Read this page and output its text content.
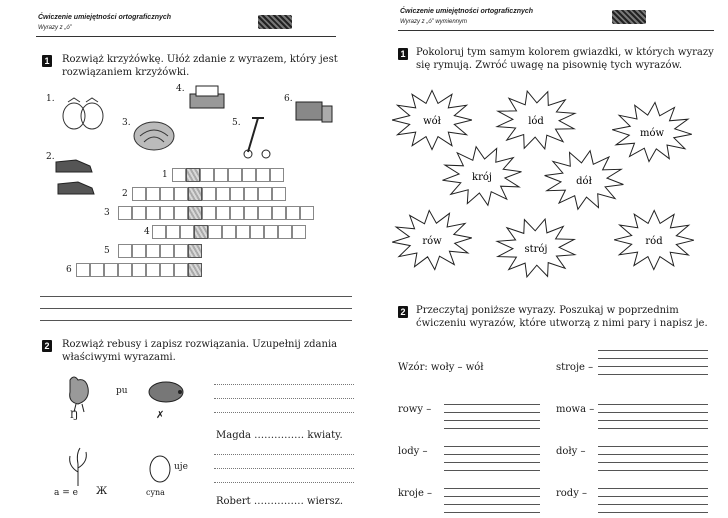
Ćwiczenie umiejętności ortograficznych
Wyrazy z „ó”
1 Rozwiąż krzyżówkę. Ułóż zdanie z wyrazem, który jest rozwiązaniem krzyżówki.
1.
2.
3.
4.
5.
6.
1
2
3
4
5
6
2 Rozwiąż rebusy i zapisz rozwiązania. Uzupełnij zdania właściwymi wyrazami.
Ŋ
pu
✗
Magda …………… kwiaty.
uje
cyna
a = e Ж
Robert …………… wiersz.
Ćwiczenie umiejętności ortograficznych
Wyrazy z „ó” wymiennym
1 Pokoloruj tym samym kolorem gwiazdki, w których wyrazy się rymują. Zwróć uwagę na pisownię tych wyrazów.
wół	lód
mów
krój	dół
rów
strój
ród
2 Przeczytaj poniższe wyrazy. Poszukaj w poprzednim ćwiczeniu wyrazów, które utworzą z nimi pary i napisz je.
Wzór: woły – wół
rowy –
lody –
kroje –
stroje –
mowa –
doły –
rody –
